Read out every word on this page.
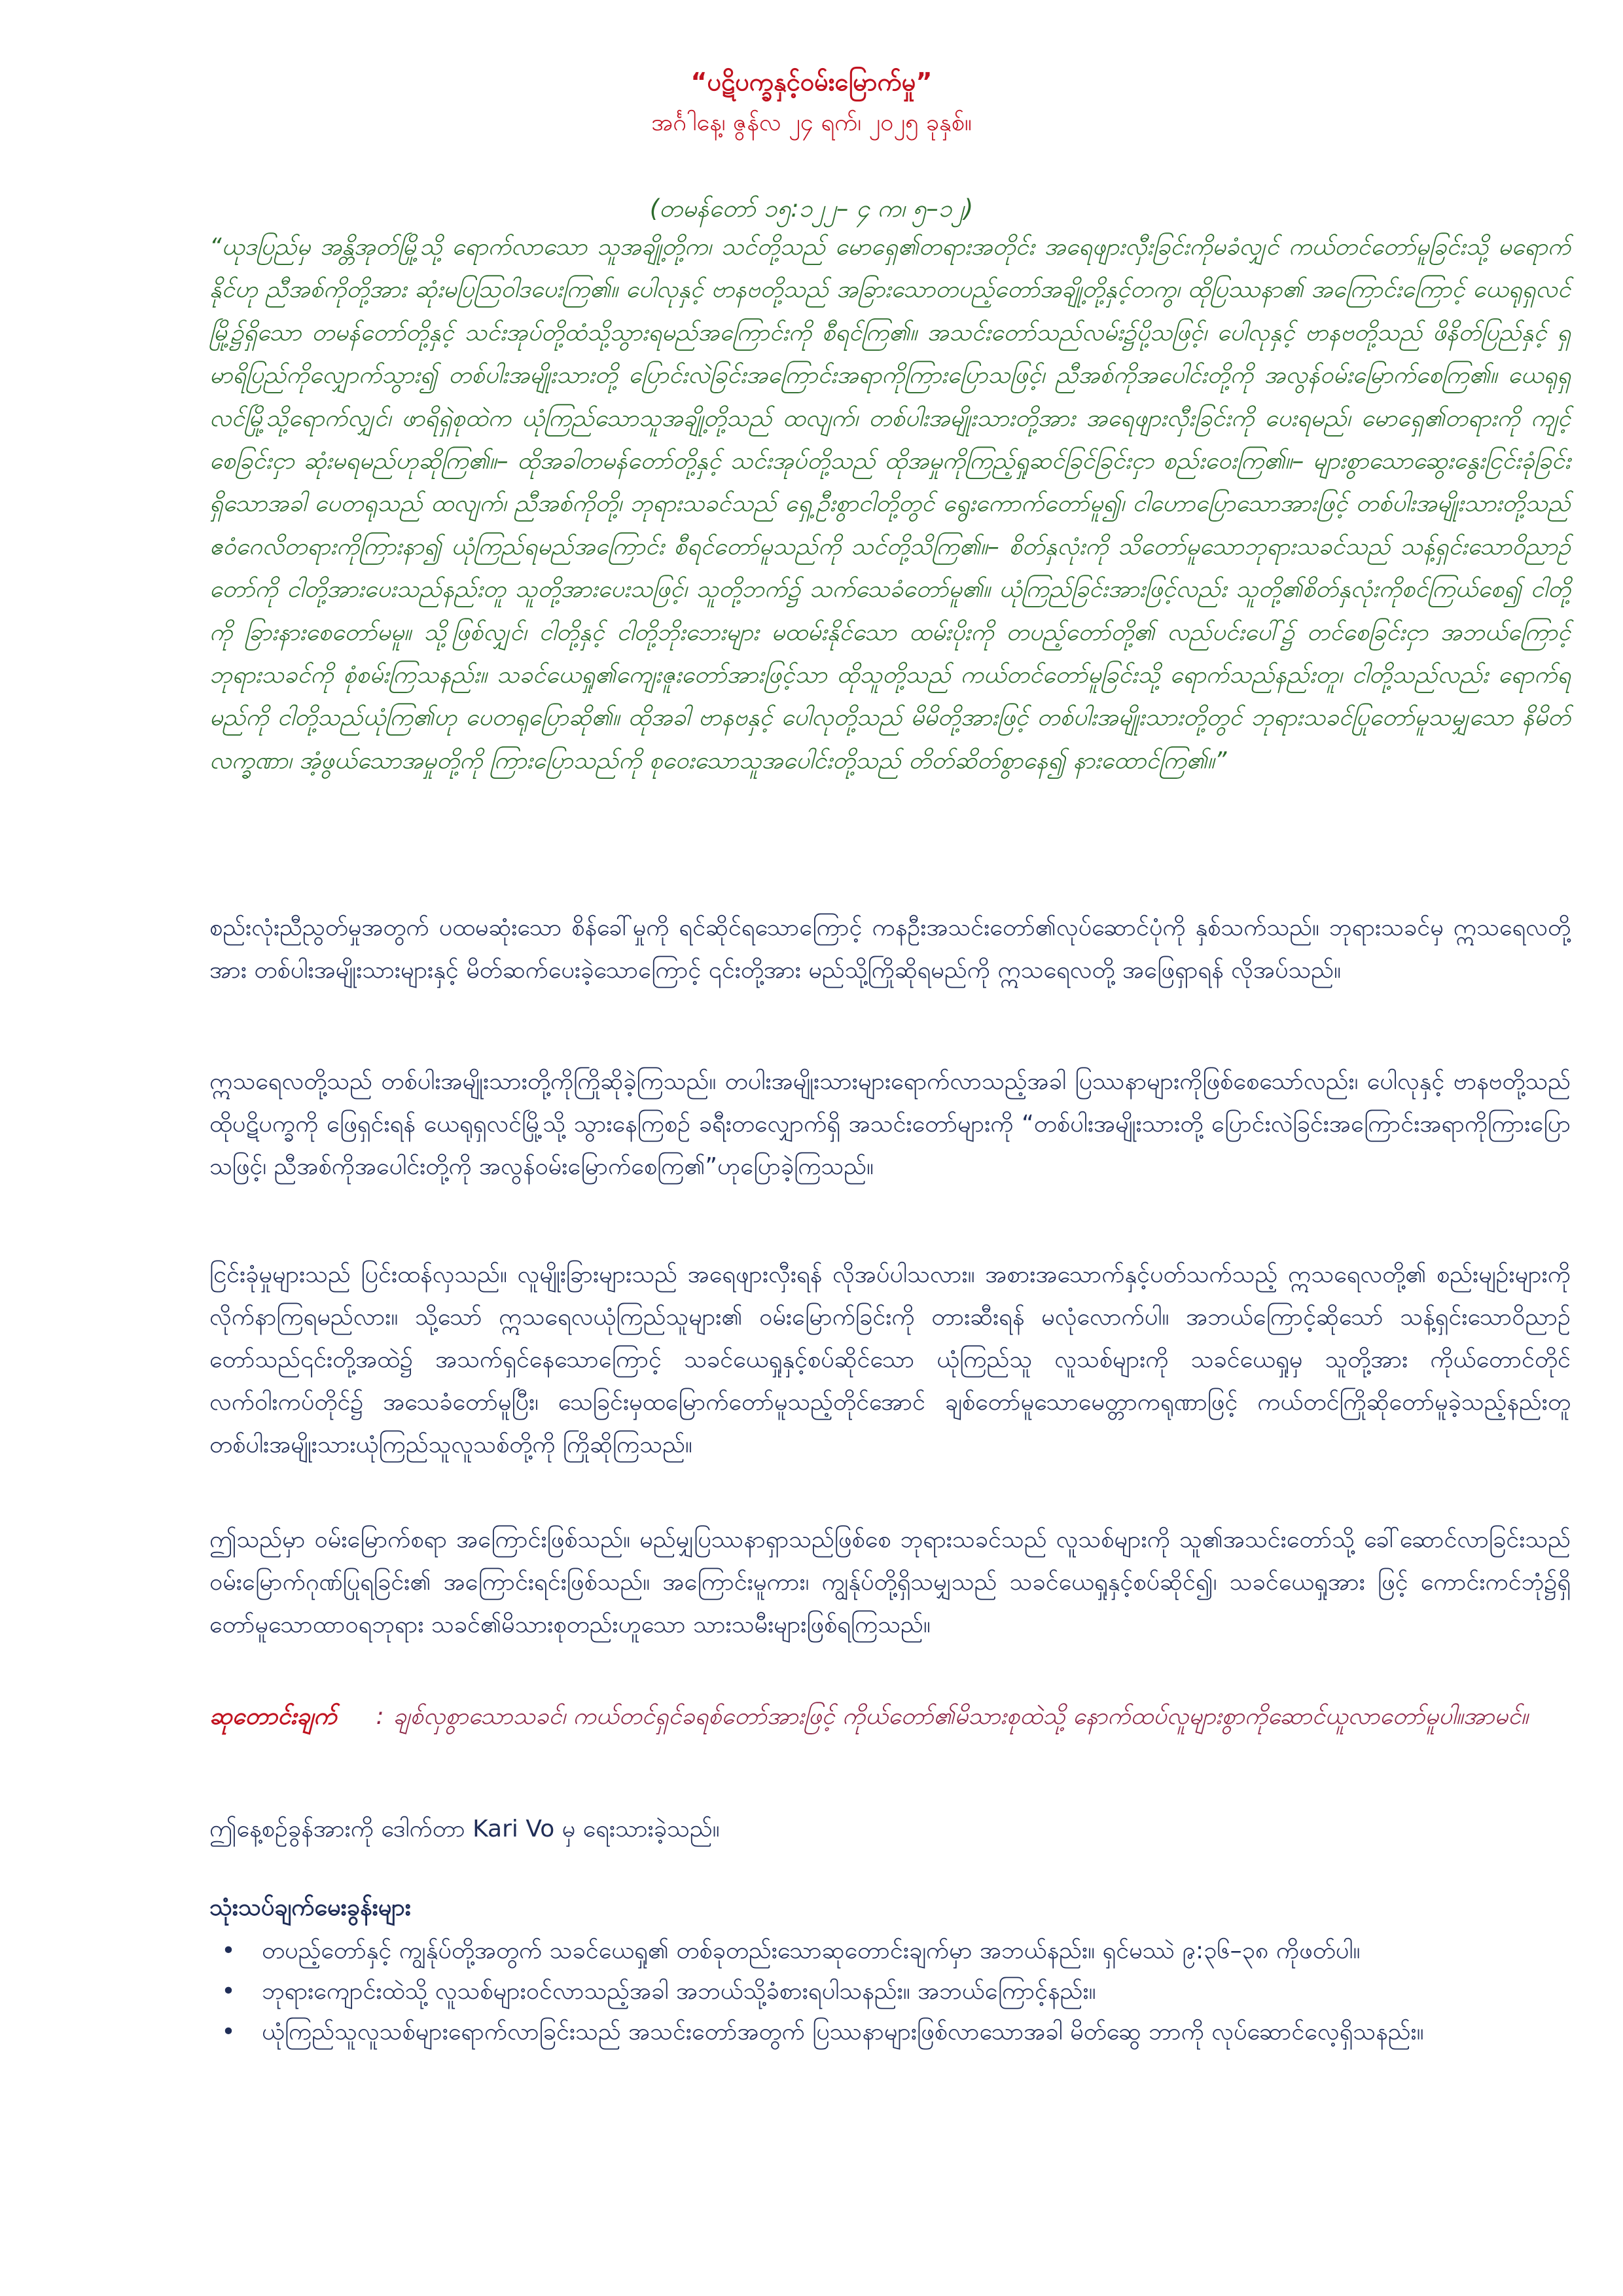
“ပဋိပက္ခနှင့်ဝမ်းမြောက်မှု”
အင်္ဂါနေ့၊ ဇွန်လ ၂၄ ရက်၊ ၂၀၂၅ ခုနှစ်။
(တမန်တော် ၁၅:၁၂၂– ၄ က၊ ၅–၁၂)

“ယုဒပြည်မှ အန္တိအုတ်မြို့သို့ ရောက်လာသော သူအချို့တို့က၊ သင်တို့သည် မောရှေ၏တရားအတိုင်း အရေဖျားလှီးခြင်းကိုမခံလျှင် ကယ်တင်တော်မူခြင်းသို့ မရောက်နိုင်ဟု ညီအစ်ကိုတို့အား ဆုံးမပြဩဝါဒပေးကြ၏။ ပေါလုနှင့် ဗာနဗတို့သည် အခြားသောတပည့်တော်အချို့တို့နှင့်တကွ၊ ထိုပြဿနာ၏ အကြောင်းကြောင့် ယေရုရှလင်မြို့၌ရှိသော တမန်တော်တို့နှင့် သင်းအုပ်တို့ထံသို့သွားရမည်အကြောင်းကို စီရင်ကြ၏။ အသင်းတော်သည်လမ်း၌ပို့သဖြင့်၊ ပေါလုနှင့် ဗာနဗတို့သည် ဖိနိတ်ပြည်နှင့် ရှမာရိပြည်ကိုလျှောက်သွား၍ တစ်ပါးအမျိုးသားတို့ ပြောင်းလဲခြင်းအကြောင်းအရာကိုကြားပြောသဖြင့်၊ ညီအစ်ကိုအပေါင်းတို့ကို အလွန်ဝမ်းမြောက်စေကြ၏။ ယေရုရှလင်မြို့သို့ရောက်လျှင်၊ ဖာရိရှဲစုထဲက ယုံကြည်သောသူအချို့တို့သည် ထလျက်၊ တစ်ပါးအမျိုးသားတို့အား အရေဖျားလှီးခြင်းကို ပေးရမည်၊ မောရှေ၏တရားကို ကျင့်စေခြင်းငှာ ဆုံးမရမည်ဟုဆိုကြ၏။– ထိုအခါတမန်တော်တို့နှင့် သင်းအုပ်တို့သည် ထိုအမှုကိုကြည့်ရှုဆင်ခြင်ခြင်းငှာ စည်းဝေးကြ၏။– များစွာသောဆွေးနွေးငြင်းခုံခြင်း ရှိသောအခါ ပေတရုသည် ထလျက်၊ ညီအစ်ကိုတို့၊ ဘုရားသခင်သည် ရှေ့ဦးစွာငါတို့တွင် ရွေးကောက်တော်မူ၍၊ ငါဟောပြောသောအားဖြင့် တစ်ပါးအမျိုးသားတို့သည် ဧဝံဂေလိတရားကိုကြားနာ၍ ယုံကြည်ရမည်အကြောင်း စီရင်တော်မူသည်ကို သင်တို့သိကြ၏။– စိတ်နှလုံးကို သိတော်မူသောဘုရားသခင်သည် သန့်ရှင်းသောဝိညာဉ်တော်ကို ငါတို့အားပေးသည်နည်းတူ သူတို့အားပေးသဖြင့်၊ သူတို့ဘက်၌ သက်သေခံတော်မူ၏။ ယုံကြည်ခြင်းအားဖြင့်လည်း သူတို့၏စိတ်နှလုံးကိုစင်ကြယ်စေ၍ ငါတို့ကို ခြားနားစေတော်မမူ။ သို့ဖြစ်လျှင်၊ ငါတို့နှင့် ငါတို့ဘိုးဘေးများ မထမ်းနိုင်သော ထမ်းပိုးကို တပည့်တော်တို့၏ လည်ပင်းပေါ်၌ တင်စေခြင်းငှာ အဘယ်ကြောင့် ဘုရားသခင်ကို စုံစမ်းကြသနည်း။ သခင်ယေရှု၏ကျေးဇူးတော်အားဖြင့်သာ ထိုသူတို့သည် ကယ်တင်တော်မူခြင်းသို့ ရောက်သည်နည်းတူ၊ ငါတို့သည်လည်း ရောက်ရမည်ကို ငါတို့သည်ယုံကြ၏ဟု ပေတရုပြောဆို၏။ ထိုအခါ ဗာနဗနှင့် ပေါလုတို့သည် မိမိတို့အားဖြင့် တစ်ပါးအမျိုးသားတို့တွင် ဘုရားသခင်ပြုတော်မူသမျှသော နိမိတ်လက္ခဏာ၊ အံ့ဖွယ်သောအမှုတို့ကို ကြားပြောသည်ကို စုဝေးသောသူအပေါင်းတို့သည် တိတ်ဆိတ်စွာနေ၍ နားထောင်ကြ၏။”

စည်းလုံးညီညွတ်မှုအတွက် ပထမဆုံးသော စိန်ခေါ်မှုကို ရင်ဆိုင်ရသောကြောင့် ကနဦးအသင်းတော်၏လုပ်ဆောင်ပုံကို နှစ်သက်သည်။ ဘုရားသခင်မှ ဣသရေလတို့အား တစ်ပါးအမျိုးသားများနှင့် မိတ်ဆက်ပေးခဲ့သောကြောင့် ၎င်းတို့အား မည်သို့ကြိုဆိုရမည်ကို ဣသရေလတို့ အဖြေရှာရန် လိုအပ်သည်။

ဣသရေလတို့သည် တစ်ပါးအမျိုးသားတို့ကိုကြိုဆိုခဲ့ကြသည်။ တပါးအမျိုးသားများရောက်လာသည့်အခါ ပြဿနာများကိုဖြစ်စေသော်လည်း၊ ပေါလုနှင့် ဗာနဗတို့သည်ထိုပဋိပက္ခကို ဖြေရှင်းရန် ယေရုရှလင်မြို့သို့ သွားနေကြစဉ် ခရီးတလျှောက်ရှိ အသင်းတော်များကို “တစ်ပါးအမျိုးသားတို့ ပြောင်းလဲခြင်းအကြောင်းအရာကိုကြားပြောသဖြင့်၊ ညီအစ်ကိုအပေါင်းတို့ကို အလွန်ဝမ်းမြောက်စေကြ၏”ဟုပြောခဲ့ကြသည်။

ငြင်းခုံမှုများသည် ပြင်းထန်လှသည်။ လူမျိုးခြားများသည် အရေဖျားလှီးရန် လိုအပ်ပါသလား။ အစားအသောက်နှင့်ပတ်သက်သည့် ဣသရေလတို့၏ စည်းမျဉ်းများကို လိုက်နာကြရမည်လား။ သို့သော် ဣသရေလယုံကြည်သူများ၏ ဝမ်းမြောက်ခြင်းကို တားဆီးရန် မလုံလောက်ပါ။ အဘယ်ကြောင့်ဆိုသော် သန့်ရှင်းသောဝိညာဉ်တော်သည်၎င်းတို့အထဲ၌ အသက်ရှင်နေသောကြောင့် သခင်ယေရှုနှင့်စပ်ဆိုင်သော ယုံကြည်သူ လူသစ်များကို သခင်ယေရှုမှ သူတို့အား ကိုယ်တောင်တိုင် လက်ဝါးကပ်တိုင်၌ အသေခံတော်မူပြီး၊ သေခြင်းမှထမြောက်တော်မူသည့်တိုင်အောင် ချစ်တော်မူသောမေတ္တာကရုဏာဖြင့် ကယ်တင်ကြိုဆိုတော်မူခဲ့သည့်နည်းတူ တစ်ပါးအမျိုးသားယုံကြည်သူလူသစ်တို့ကို ကြိုဆိုကြသည်။

ဤသည်မှာ ဝမ်းမြောက်စရာ အကြောင်းဖြစ်သည်။ မည်မျှပြဿနာရှာသည်ဖြစ်စေ ဘုရားသခင်သည် လူသစ်များကို သူ၏အသင်းတော်သို့ ခေါ်ဆောင်လာခြင်းသည် ဝမ်းမြောက်ဂုဏ်ပြုရခြင်း၏ အကြောင်းရင်းဖြစ်သည်။ အကြောင်းမူကား၊ ကျွန်ုပ်တို့ရှိသမျှသည် သခင်ယေရှုနှင့်စပ်ဆိုင်၍၊ သခင်ယေရှုအား ဖြင့် ကောင်းကင်ဘုံ၌ရှိတော်မူသောထာဝရဘုရား သခင်၏မိသားစုတည်းဟူသော သားသမီးများဖြစ်ရကြသည်။

ဆုတောင်းချက် : ချစ်လှစွာသောသခင်၊ ကယ်တင်ရှင်ခရစ်တော်အားဖြင့် ကိုယ်တော်၏မိသားစုထဲသို့ နောက်ထပ်လူများစွာကိုဆောင်ယူလာတော်မူပါ။အာမင်။

ဤနေ့စဉ်ခွန်အားကို ဒေါက်တာ Kari Vo မှ ရေးသားခဲ့သည်။

သုံးသပ်ချက်မေးခွန်းများ
• တပည့်တော်နှင့် ကျွန်ုပ်တို့အတွက် သခင်ယေရှု၏ တစ်ခုတည်းသောဆုတောင်းချက်မှာ အဘယ်နည်း။ ရှင်မဿဲ ၉:၃၆–၃၈ ကိုဖတ်ပါ။
• ဘုရားကျောင်းထဲသို့ လူသစ်များဝင်လာသည့်အခါ အဘယ်သို့ခံစားရပါသနည်း။ အဘယ်ကြောင့်နည်း။
• ယုံကြည်သူလူသစ်များရောက်လာခြင်းသည် အသင်းတော်အတွက် ပြဿနာများဖြစ်လာသောအခါ မိတ်ဆွေ ဘာကို လုပ်ဆောင်လေ့ရှိသနည်း။
